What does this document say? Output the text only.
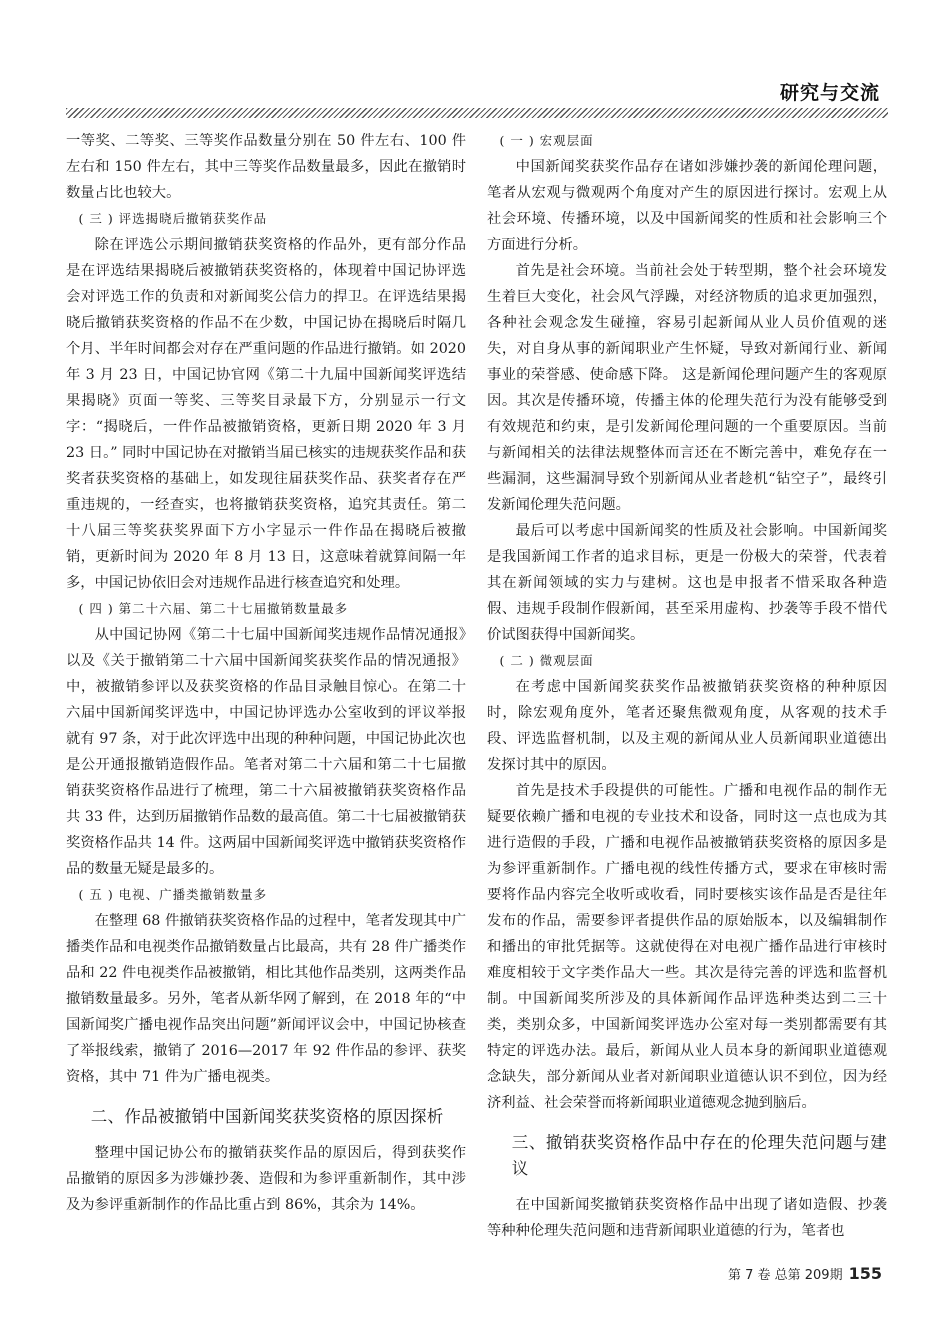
研究与交流

一等奖、二等奖、三等奖作品数量分别在 50 件左右、100 件左右和 150 件左右，其中三等奖作品数量最多，因此在撤销时数量占比也较大。

( 三 ) 评选揭晓后撤销获奖作品

除在评选公示期间撤销获奖资格的作品外，更有部分作品是在评选结果揭晓后被撤销获奖资格的，体现着中国记协评选会对评选工作的负责和对新闻奖公信力的捍卫。在评选结果揭晓后撤销获奖资格的作品不在少数，中国记协在揭晓后时隔几个月、半年时间都会对存在严重问题的作品进行撤销。如 2020 年 3 月 23 日，中国记协官网《第二十九届中国新闻奖评选结果揭晓》页面一等奖、三等奖目录最下方，分别显示一行文字：“揭晓后，一件作品被撤销资格，更新日期 2020 年 3 月 23 日。” 同时中国记协在对撤销当届已核实的违规获奖作品和获奖者获奖资格的基础上，如发现往届获奖作品、获奖者存在严重违规的，一经查实，也将撤销获奖资格，追究其责任。第二十八届三等奖获奖界面下方小字显示一件作品在揭晓后被撤销，更新时间为 2020 年 8 月 13 日，这意味着就算间隔一年多，中国记协依旧会对违规作品进行核查追究和处理。

( 四 ) 第二十六届、第二十七届撤销数量最多

从中国记协网《第二十七届中国新闻奖违规作品情况通报》以及《关于撤销第二十六届中国新闻奖获奖作品的情况通报》中，被撤销参评以及获奖资格的作品目录触目惊心。在第二十六届中国新闻奖评选中，中国记协评选办公室收到的评议举报就有 97 条，对于此次评选中出现的种种问题，中国记协此次也是公开通报撤销造假作品。笔者对第二十六届和第二十七届撤销获奖资格作品进行了梳理，第二十六届被撤销获奖资格作品共 33 件，达到历届撤销作品数的最高值。第二十七届被撤销获奖资格作品共 14 件。这两届中国新闻奖评选中撤销获奖资格作品的数量无疑是最多的。

( 五 ) 电视、广播类撤销数量多

在整理 68 件撤销获奖资格作品的过程中，笔者发现其中广播类作品和电视类作品撤销数量占比最高，共有 28 件广播类作品和 22 件电视类作品被撤销，相比其他作品类别，这两类作品撤销数量最多。另外，笔者从新华网了解到，在 2018 年的“中国新闻奖广播电视作品突出问题”新闻评议会中，中国记协核查了举报线索，撤销了 2016—2017 年 92 件作品的参评、获奖资格，其中 71 件为广播电视类。

二、作品被撤销中国新闻奖获奖资格的原因探析

整理中国记协公布的撤销获奖作品的原因后，得到获奖作品撤销的原因多为涉嫌抄袭、造假和为参评重新制作，其中涉及为参评重新制作的作品比重占到 86%，其余为 14%。

( 一 ) 宏观层面

中国新闻奖获奖作品存在诸如涉嫌抄袭的新闻伦理问题，笔者从宏观与微观两个角度对产生的原因进行探讨。宏观上从社会环境、传播环境，以及中国新闻奖的性质和社会影响三个方面进行分析。

首先是社会环境。当前社会处于转型期，整个社会环境发生着巨大变化，社会风气浮躁，对经济物质的追求更加强烈，各种社会观念发生碰撞，容易引起新闻从业人员价值观的迷失，对自身从事的新闻职业产生怀疑，导致对新闻行业、新闻事业的荣誉感、使命感下降。 这是新闻伦理问题产生的客观原因。其次是传播环境，传播主体的伦理失范行为没有能够受到有效规范和约束，是引发新闻伦理问题的一个重要原因。当前与新闻相关的法律法规整体而言还在不断完善中，难免存在一些漏洞，这些漏洞导致个别新闻从业者趁机“钻空子”，最终引发新闻伦理失范问题。

最后可以考虑中国新闻奖的性质及社会影响。中国新闻奖是我国新闻工作者的追求目标，更是一份极大的荣誉，代表着其在新闻领域的实力与建树。这也是申报者不惜采取各种造假、违规手段制作假新闻，甚至采用虚构、抄袭等手段不惜代价试图获得中国新闻奖。

( 二 ) 微观层面

在考虑中国新闻奖获奖作品被撤销获奖资格的种种原因时，除宏观角度外，笔者还聚焦微观角度，从客观的技术手段、评选监督机制，以及主观的新闻从业人员新闻职业道德出发探讨其中的原因。

首先是技术手段提供的可能性。广播和电视作品的制作无疑要依赖广播和电视的专业技术和设备，同时这一点也成为其进行造假的手段，广播和电视作品被撤销获奖资格的原因多是为参评重新制作。广播电视的线性传播方式，要求在审核时需要将作品内容完全收听或收看，同时要核实该作品是否是往年发布的作品，需要参评者提供作品的原始版本，以及编辑制作和播出的审批凭据等。这就使得在对电视广播作品进行审核时难度相较于文字类作品大一些。其次是待完善的评选和监督机制。中国新闻奖所涉及的具体新闻作品评选种类达到二三十类，类别众多，中国新闻奖评选办公室对每一类别都需要有其特定的评选办法。最后，新闻从业人员本身的新闻职业道德观念缺失，部分新闻从业者对新闻职业道德认识不到位，因为经济利益、社会荣誉而将新闻职业道德观念抛到脑后。

三、撤销获奖资格作品中存在的伦理失范问题与建议

在中国新闻奖撤销获奖资格作品中出现了诸如造假、抄袭等种种伦理失范问题和违背新闻职业道德的行为，笔者也

第 7 卷 总第 209期 155
